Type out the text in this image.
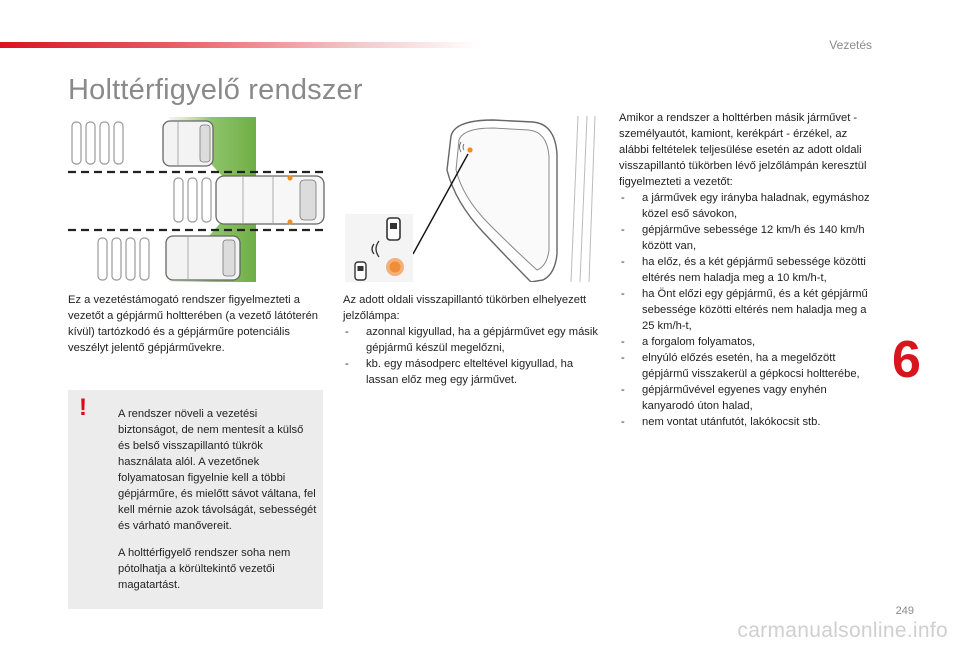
Vezetés
Holttérfigyelő rendszer

Ez a vezetéstámogató rendszer figyelmezteti a vezetőt a gépjármű holtterében (a vezető látóterén kívül) tartózkodó és a gépjárműre potenciális veszélyt jelentő gépjárművekre.

!	A rendszer növeli a vezetési biztonságot, de nem mentesít a külső és belső visszapillantó tükrök használata alól. A vezetőnek folyamatosan figyelnie kell a többi gépjárműre, és mielőtt sávot váltana, fel kell mérnie azok távolságát, sebességét és várható manővereit.

A holttérfigyelő rendszer soha nem pótolhatja a körültekintő vezetői magatartást.

Az adott oldali visszapillantó tükörben elhelyezett jelzőlámpa:

- azonnal kigyullad, ha a gépjárművet egy másik gépjármű készül megelőzni,
- kb. egy másodperc elteltével kigyullad, ha lassan előz meg egy járművet.

Amikor a rendszer a holttérben másik járművet - személyautót, kamiont, kerékpárt - érzékel, az alábbi feltételek teljesülése esetén az adott oldali visszapillantó tükörben lévő jelzőlámpán keresztül figyelmezteti a vezetőt:

- a járművek egy irányba haladnak, egymáshoz közel eső sávokon,
- gépjárműve sebessége 12 km/h és 140 km/h között van,
- ha előz, és a két gépjármű sebessége közötti eltérés nem haladja meg a 10 km/h-t,
- ha Önt előzi egy gépjármű, és a két gépjármű sebessége közötti eltérés nem haladja meg a 25 km/h-t,
- a forgalom folyamatos,
- elnyúló előzés esetén, ha a megelőzött gépjármű visszakerül a gépkocsi holtterébe,
- gépjárművével egyenes vagy enyhén kanyarodó úton halad,
- nem vontat utánfutót, lakókocsit stb.
6
249
carmanualsonline.info
